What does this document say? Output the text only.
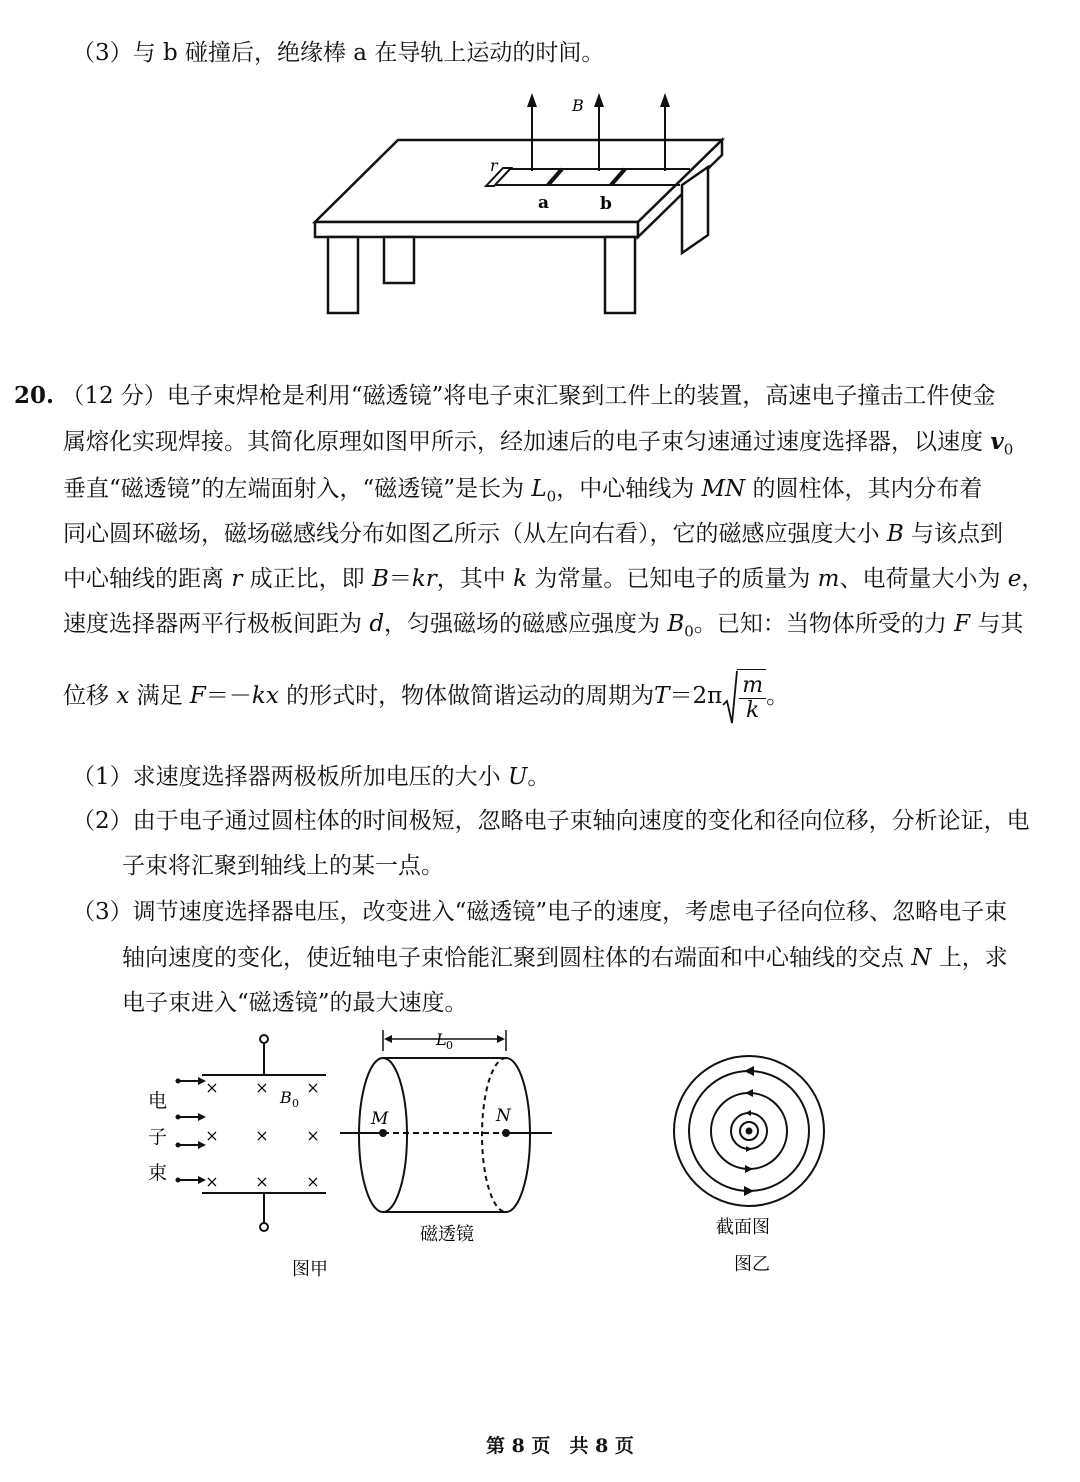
（3）与 b 碰撞后，绝缘棒 a 在导轨上运动的时间。
B
r
a	b
20. （12 分）电子束焊枪是利用“磁透镜”将电子束汇聚到工件上的装置，高速电子撞击工件使金
属熔化实现焊接。其简化原理如图甲所示，经加速后的电子束匀速通过速度选择器，以速度 $v_0$
垂直“磁透镜”的左端面射入，“磁透镜”是长为 $L_0$，中心轴线为 MN 的圆柱体，其内分布着
同心圆环磁场，磁场磁感线分布如图乙所示（从左向右看），它的磁感应强度大小 B 与该点到
中心轴线的距离 r 成正比，即 B＝kr，其中 k 为常量。已知电子的质量为 m、电荷量大小为 e，
速度选择器两平行极板间距为 d，匀强磁场的磁感应强度为 $B_0$。已知：当物体所受的力 F 与其
位移 x 满足 F＝－kx 的形式时，物体做简谐运动的周期为$T=2\pi \frac{m}{k}$ 。
（1）求速度选择器两极板所加电压的大小 U。
（2）由于电子通过圆柱体的时间极短，忽略电子束轴向速度的变化和径向位移，分析论证，电
子束将汇聚到轴线上的某一点。
（3）调节速度选择器电压，改变进入“磁透镜”电子的速度，考虑电子径向位移、忽略电子束
轴向速度的变化，使近轴电子束恰能汇聚到圆柱体的右端面和中心轴线的交点 N 上，求
电子束进入“磁透镜”的最大速度。
× × ×
× × ×
× × ×
B 0
电
子
束
图甲
L 0
M	N
磁透镜	截面图
图乙
第 8 页　共 8 页
